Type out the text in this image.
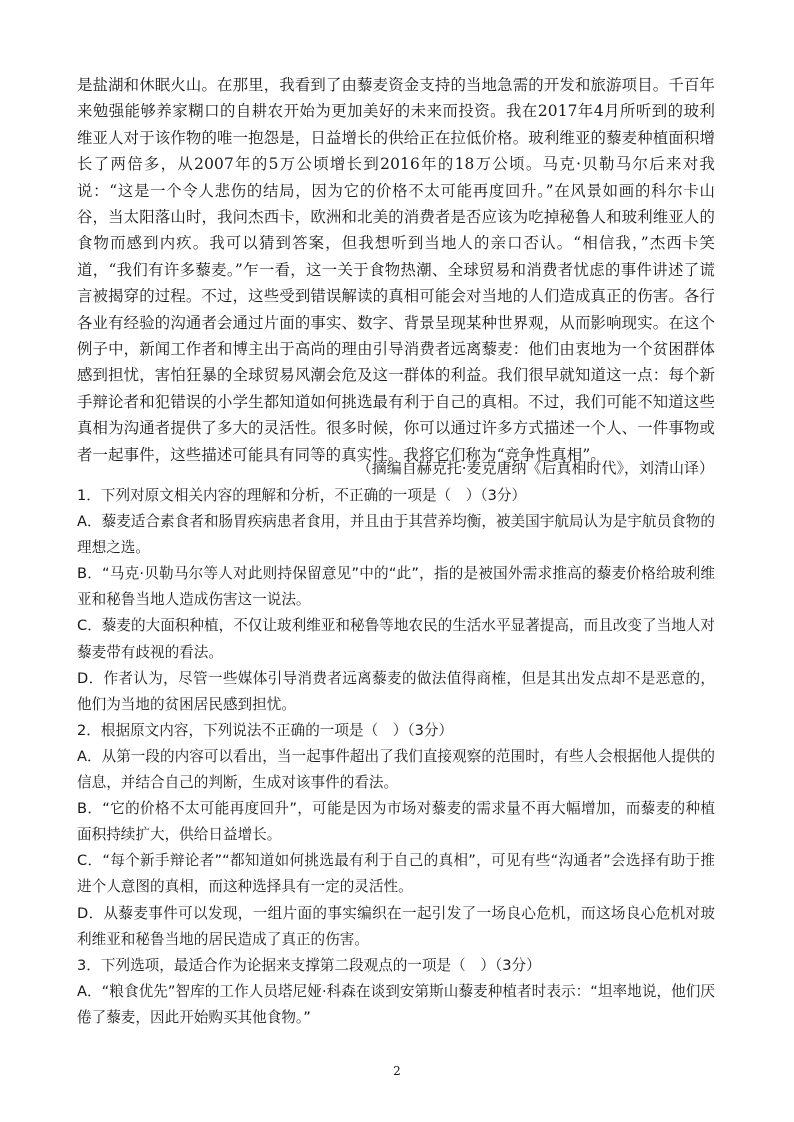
是盐湖和休眠火山。在那里，我看到了由藜麦资金支持的当地急需的开发和旅游项目。千百年来勉强能够养家糊口的自耕农开始为更加美好的未来而投资。我在2017年4月所听到的玻利维亚人对于该作物的唯一抱怨是，日益增长的供给正在拉低价格。玻利维亚的藜麦种植面积增长了两倍多，从2007年的5万公顷增长到2016年的18万公顷。马克·贝勒马尔后来对我说：“这是一个令人悲伤的结局，因为它的价格不太可能再度回升。”在风景如画的科尔卡山谷，当太阳落山时，我问杰西卡，欧洲和北美的消费者是否应该为吃掉秘鲁人和玻利维亚人的食物而感到内疚。我可以猜到答案，但我想听到当地人的亲口否认。“相信我，”杰西卡笑道，“我们有许多藜麦。”乍一看，这一关于食物热潮、全球贸易和消费者忧虑的事件讲述了谎言被揭穿的过程。不过，这些受到错误解读的真相可能会对当地的人们造成真正的伤害。各行各业有经验的沟通者会通过片面的事实、数字、背景呈现某种世界观，从而影响现实。在这个例子中，新闻工作者和博主出于高尚的理由引导消费者远离藜麦：他们由衷地为一个贫困群体感到担忧，害怕狂暴的全球贸易风潮会危及这一群体的利益。我们很早就知道这一点：每个新手辩论者和犯错误的小学生都知道如何挑选最有利于自己的真相。不过，我们可能不知道这些真相为沟通者提供了多大的灵活性。很多时候，你可以通过许多方式描述一个人、一件事物或者一起事件，这些描述可能具有同等的真实性。我将它们称为“竞争性真相”。
（摘编自赫克托·麦克唐纳《后真相时代》，刘清山译）

1．下列对原文相关内容的理解和分析，不正确的一项是（　）（3分）

A．藜麦适合素食者和肠胃疾病患者食用，并且由于其营养均衡，被美国宇航局认为是宇航员食物的理想之选。

B．“马克·贝勒马尔等人对此则持保留意见”中的“此”，指的是被国外需求推高的藜麦价格给玻利维亚和秘鲁当地人造成伤害这一说法。

C．藜麦的大面积种植，不仅让玻利维亚和秘鲁等地农民的生活水平显著提高，而且改变了当地人对藜麦带有歧视的看法。

D．作者认为，尽管一些媒体引导消费者远离藜麦的做法值得商榷，但是其出发点却不是恶意的，他们为当地的贫困居民感到担忧。

2．根据原文内容，下列说法不正确的一项是（　）（3分）

A．从第一段的内容可以看出，当一起事件超出了我们直接观察的范围时，有些人会根据他人提供的信息，并结合自己的判断，生成对该事件的看法。

B．“它的价格不太可能再度回升”，可能是因为市场对藜麦的需求量不再大幅增加，而藜麦的种植面积持续扩大，供给日益增长。

C．“每个新手辩论者”“都知道如何挑选最有利于自己的真相”，可见有些“沟通者”会选择有助于推进个人意图的真相，而这种选择具有一定的灵活性。

D．从藜麦事件可以发现，一组片面的事实编织在一起引发了一场良心危机，而这场良心危机对玻利维亚和秘鲁当地的居民造成了真正的伤害。

3．下列选项，最适合作为论据来支撑第二段观点的一项是（　）（3分）

A．“粮食优先”智库的工作人员塔尼娅·科森在谈到安第斯山藜麦种植者时表示：“坦率地说，他们厌倦了藜麦，因此开始购买其他食物。”

2
